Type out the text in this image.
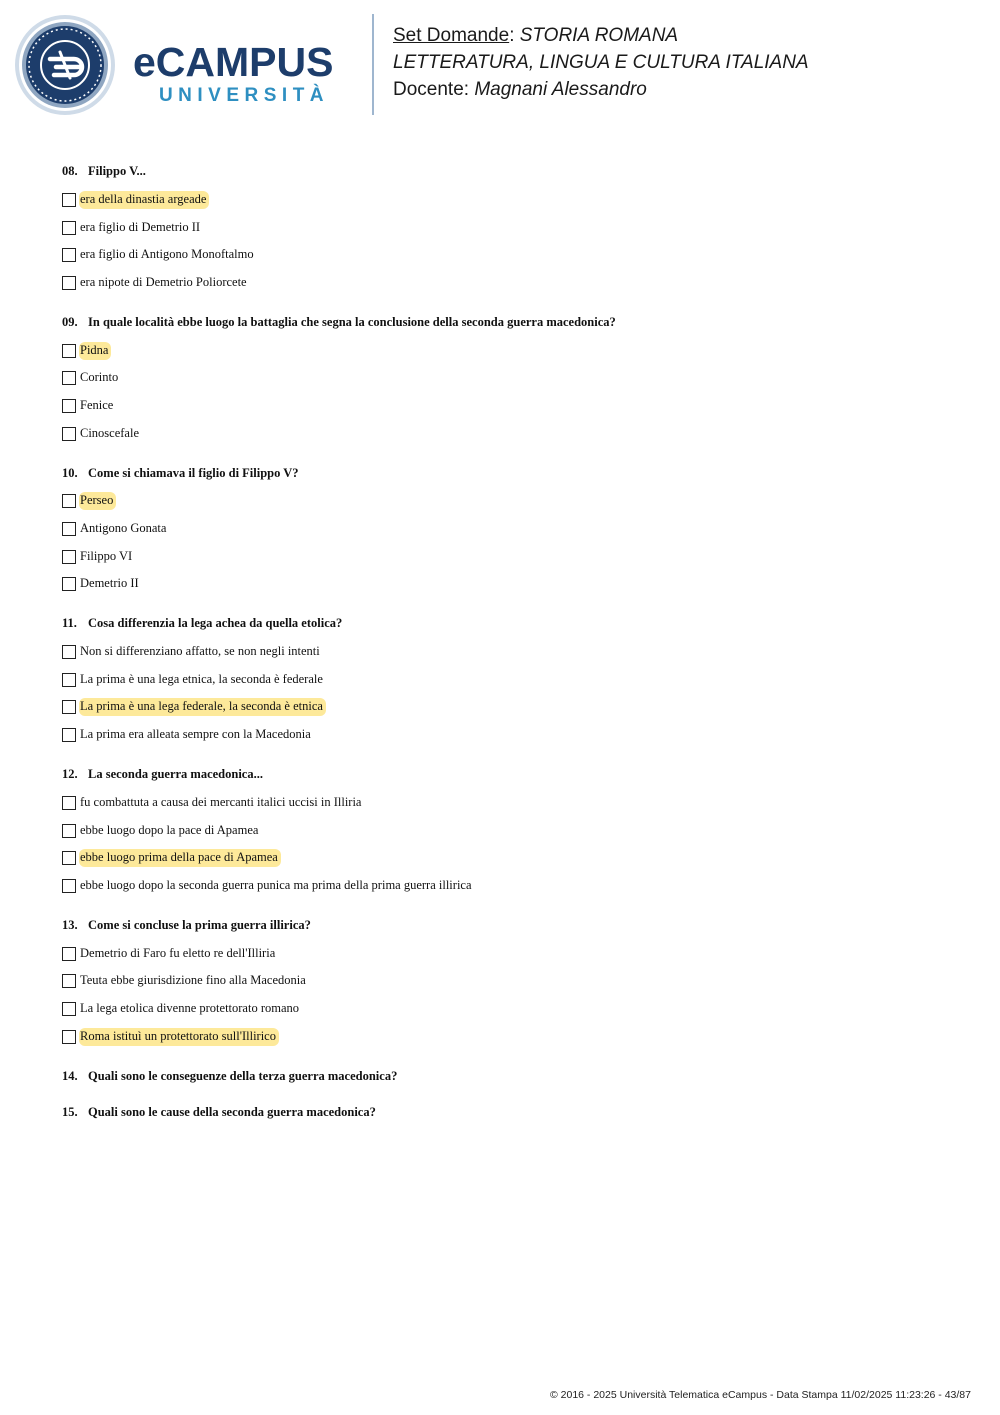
eCAMPUS
UNIVERSITÀ
Set Domande: STORIA ROMANA
LETTERATURA, LINGUA E CULTURA ITALIANA
Docente: Magnani Alessandro
08. Filippo V...
era della dinastia argeade
era figlio di Demetrio II
era figlio di Antigono Monoftalmo
era nipote di Demetrio Poliorcete
09. In quale località ebbe luogo la battaglia che segna la conclusione della seconda guerra macedonica?
Pidna
Corinto
Fenice
Cinoscefale
10. Come si chiamava il figlio di Filippo V?
Perseo
Antigono Gonata
Filippo VI
Demetrio II
11. Cosa differenzia la lega achea da quella etolica?
Non si differenziano affatto, se non negli intenti
La prima è una lega etnica, la seconda è federale
La prima è una lega federale, la seconda è etnica
La prima era alleata sempre con la Macedonia
12. La seconda guerra macedonica...
fu combattuta a causa dei mercanti italici uccisi in Illiria
ebbe luogo dopo la pace di Apamea
ebbe luogo prima della pace di Apamea
ebbe luogo dopo la seconda guerra punica ma prima della prima guerra illirica
13. Come si concluse la prima guerra illirica?
Demetrio di Faro fu eletto re dell'Illiria
Teuta ebbe giurisdizione fino alla Macedonia
La lega etolica divenne protettorato romano
Roma istituì un protettorato sull'Illirico
14. Quali sono le conseguenze della terza guerra macedonica?
15. Quali sono le cause della seconda guerra macedonica?
© 2016 - 2025 Università Telematica eCampus - Data Stampa 11/02/2025 11:23:26 - 43/87
